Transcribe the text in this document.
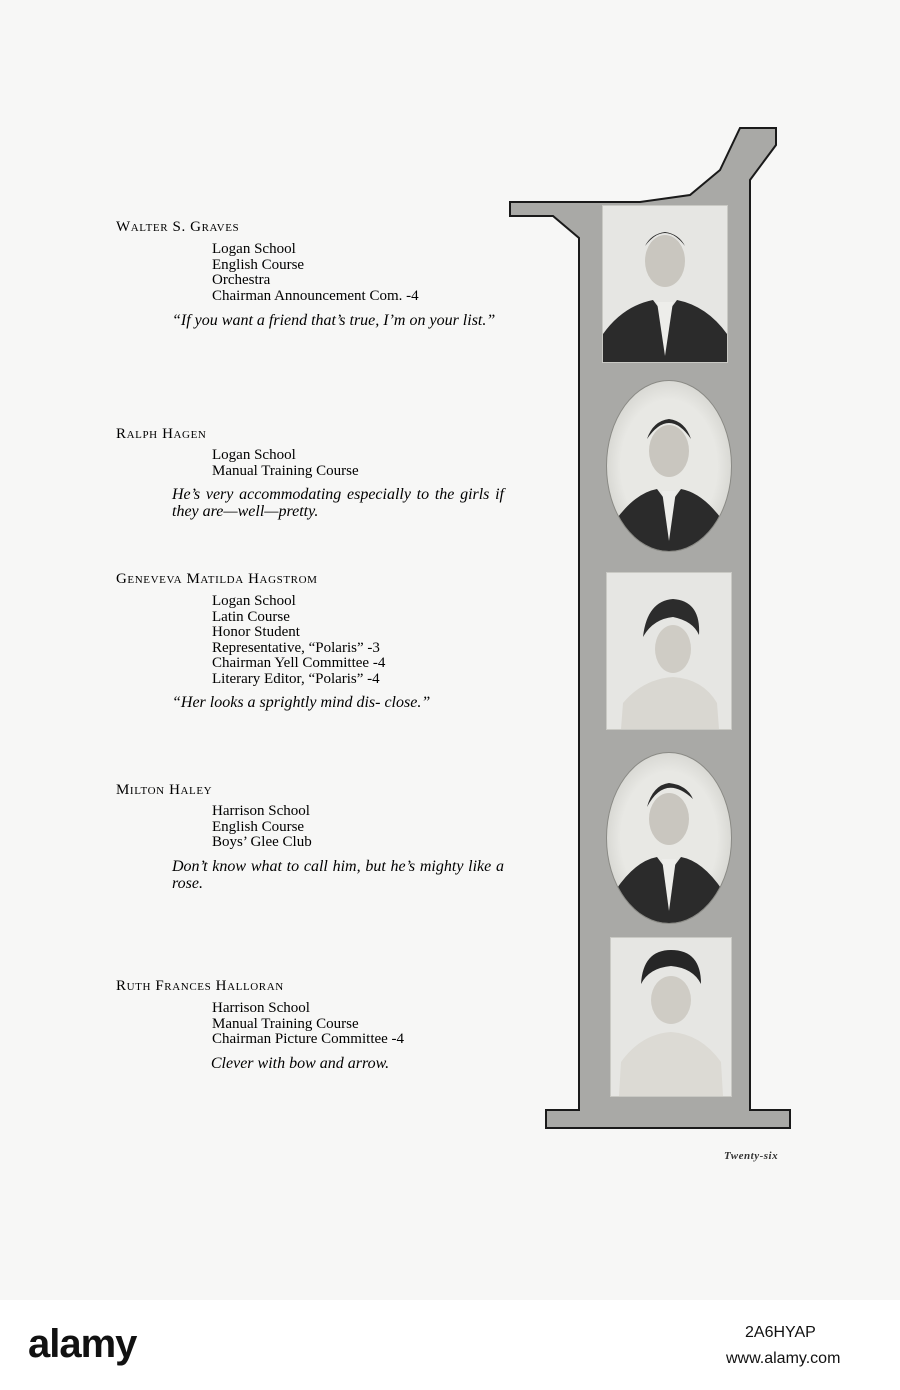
Walter S. Graves
Logan School
English Course
Orchestra
Chairman Announcement Com. -4
“If you want a friend that’s true, I’m on your list.”
Ralph Hagen
Logan School
Manual Training Course
He’s very accommodating especially to the girls if they are—well—pretty.
Geneveva Matilda Hagstrom
Logan School
Latin Course
Honor Student
Representative, “Polaris” -3
Chairman Yell Committee -4
Literary Editor, “Polaris” -4
“Her looks a sprightly mind dis- close.”
Milton Haley
Harrison School
English Course
Boys’ Glee Club
Don’t know what to call him, but he’s mighty like a rose.
Ruth Frances Halloran
Harrison School
Manual Training Course
Chairman Picture Committee -4
Clever with bow and arrow.
Twenty-six
alamy	2A6HYAP
www.alamy.com
